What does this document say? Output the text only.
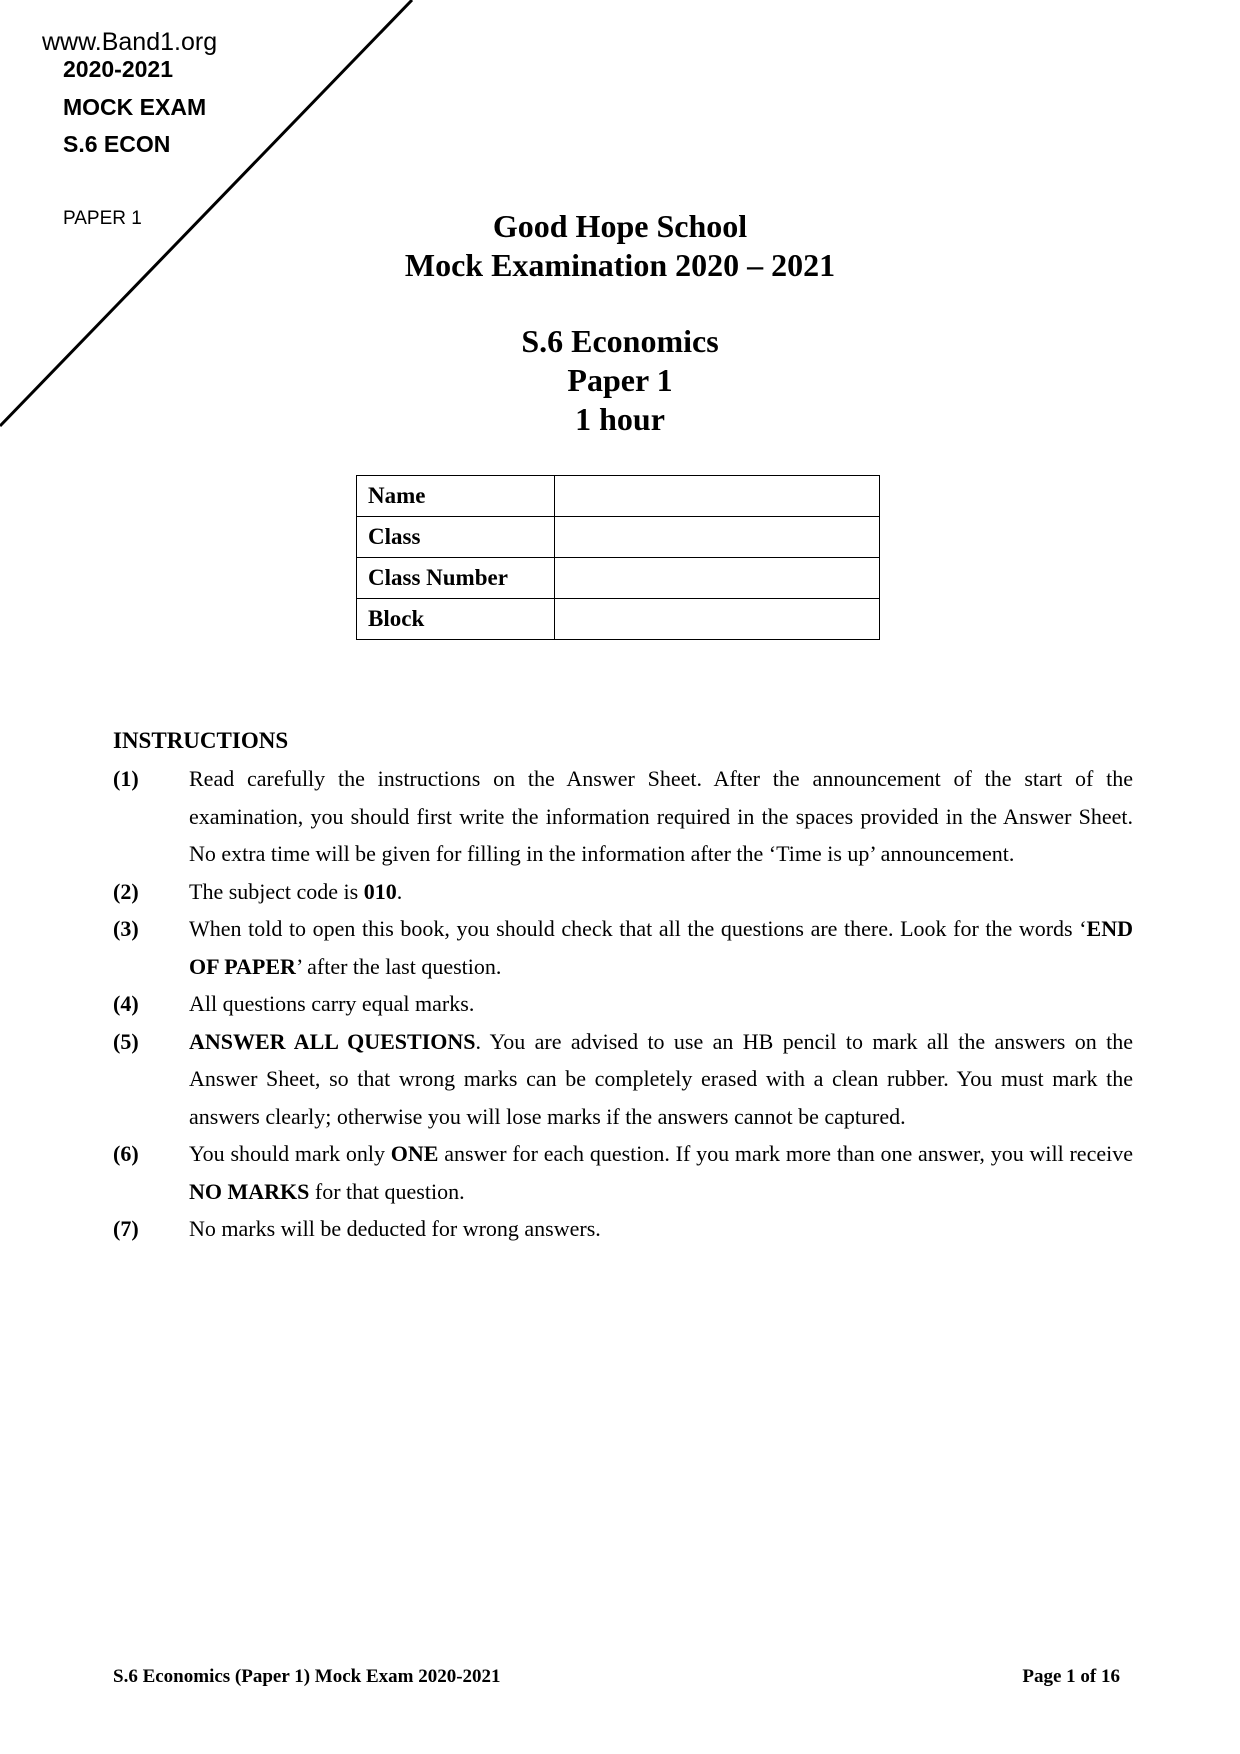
www.Band1.org
2020-2021
MOCK EXAM
S.6 ECON
PAPER 1	Good Hope School
Mock Examination 2020 – 2021
S.6 Economics
Paper 1
1 hour
Name	
Class	
Class Number	
Block	
INSTRUCTIONS
(1) Read carefully the instructions on the Answer Sheet. After the announcement of the start of the examination, you should first write the information required in the spaces provided in the Answer Sheet. No extra time will be given for filling in the information after the ‘Time is up’ announcement.
(2) The subject code is 010.
(3) When told to open this book, you should check that all the questions are there. Look for the words ‘END OF PAPER’ after the last question.
(4) All questions carry equal marks.
(5) ANSWER ALL QUESTIONS. You are advised to use an HB pencil to mark all the answers on the Answer Sheet, so that wrong marks can be completely erased with a clean rubber. You must mark the answers clearly; otherwise you will lose marks if the answers cannot be captured.
(6) You should mark only ONE answer for each question. If you mark more than one answer, you will receive NO MARKS for that question.
(7) No marks will be deducted for wrong answers.
S.6 Economics (Paper 1) Mock Exam 2020-2021	Page 1 of 16
